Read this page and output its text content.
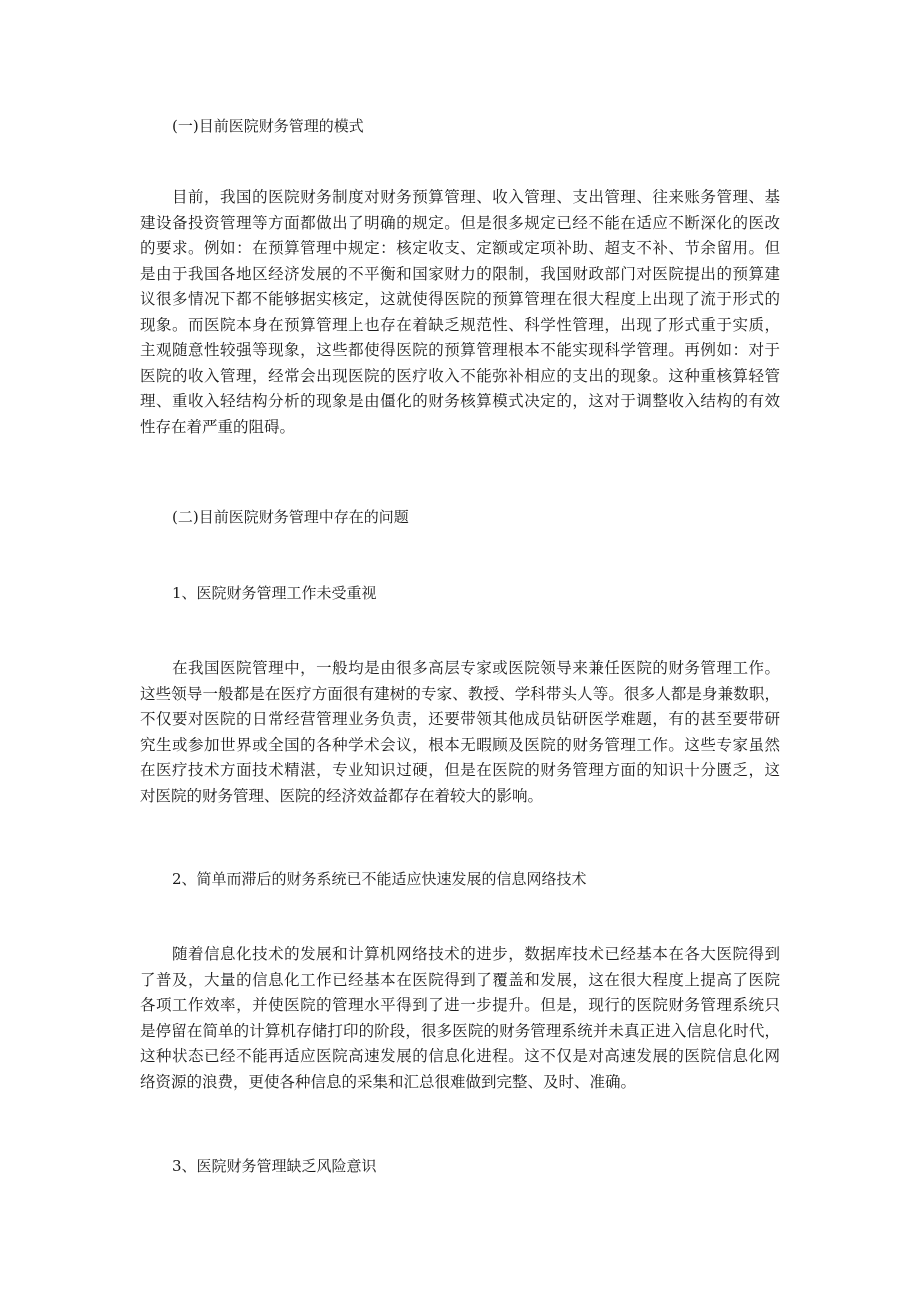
(一)目前医院财务管理的模式
目前，我国的医院财务制度对财务预算管理、收入管理、支出管理、往来账务管理、基
建设备投资管理等方面都做出了明确的规定。但是很多规定已经不能在适应不断深化的医改
的要求。例如：在预算管理中规定：核定收支、定额或定项补助、超支不补、节余留用。但
是由于我国各地区经济发展的不平衡和国家财力的限制，我国财政部门对医院提出的预算建
议很多情况下都不能够据实核定，这就使得医院的预算管理在很大程度上出现了流于形式的
现象。而医院本身在预算管理上也存在着缺乏规范性、科学性管理，出现了形式重于实质，
主观随意性较强等现象，这些都使得医院的预算管理根本不能实现科学管理。再例如：对于
医院的收入管理，经常会出现医院的医疗收入不能弥补相应的支出的现象。这种重核算轻管
理、重收入轻结构分析的现象是由僵化的财务核算模式决定的，这对于调整收入结构的有效
性存在着严重的阻碍。
(二)目前医院财务管理中存在的问题
1、医院财务管理工作未受重视
在我国医院管理中，一般均是由很多高层专家或医院领导来兼任医院的财务管理工作。
这些领导一般都是在医疗方面很有建树的专家、教授、学科带头人等。很多人都是身兼数职，
不仅要对医院的日常经营管理业务负责，还要带领其他成员钻研医学难题，有的甚至要带研
究生或参加世界或全国的各种学术会议，根本无暇顾及医院的财务管理工作。这些专家虽然
在医疗技术方面技术精湛，专业知识过硬，但是在医院的财务管理方面的知识十分匮乏，这
对医院的财务管理、医院的经济效益都存在着较大的影响。
2、简单而滞后的财务系统已不能适应快速发展的信息网络技术
随着信息化技术的发展和计算机网络技术的进步，数据库技术已经基本在各大医院得到
了普及，大量的信息化工作已经基本在医院得到了覆盖和发展，这在很大程度上提高了医院
各项工作效率，并使医院的管理水平得到了进一步提升。但是，现行的医院财务管理系统只
是停留在简单的计算机存储打印的阶段，很多医院的财务管理系统并未真正进入信息化时代，
这种状态已经不能再适应医院高速发展的信息化进程。这不仅是对高速发展的医院信息化网
络资源的浪费，更使各种信息的采集和汇总很难做到完整、及时、准确。
3、医院财务管理缺乏风险意识
